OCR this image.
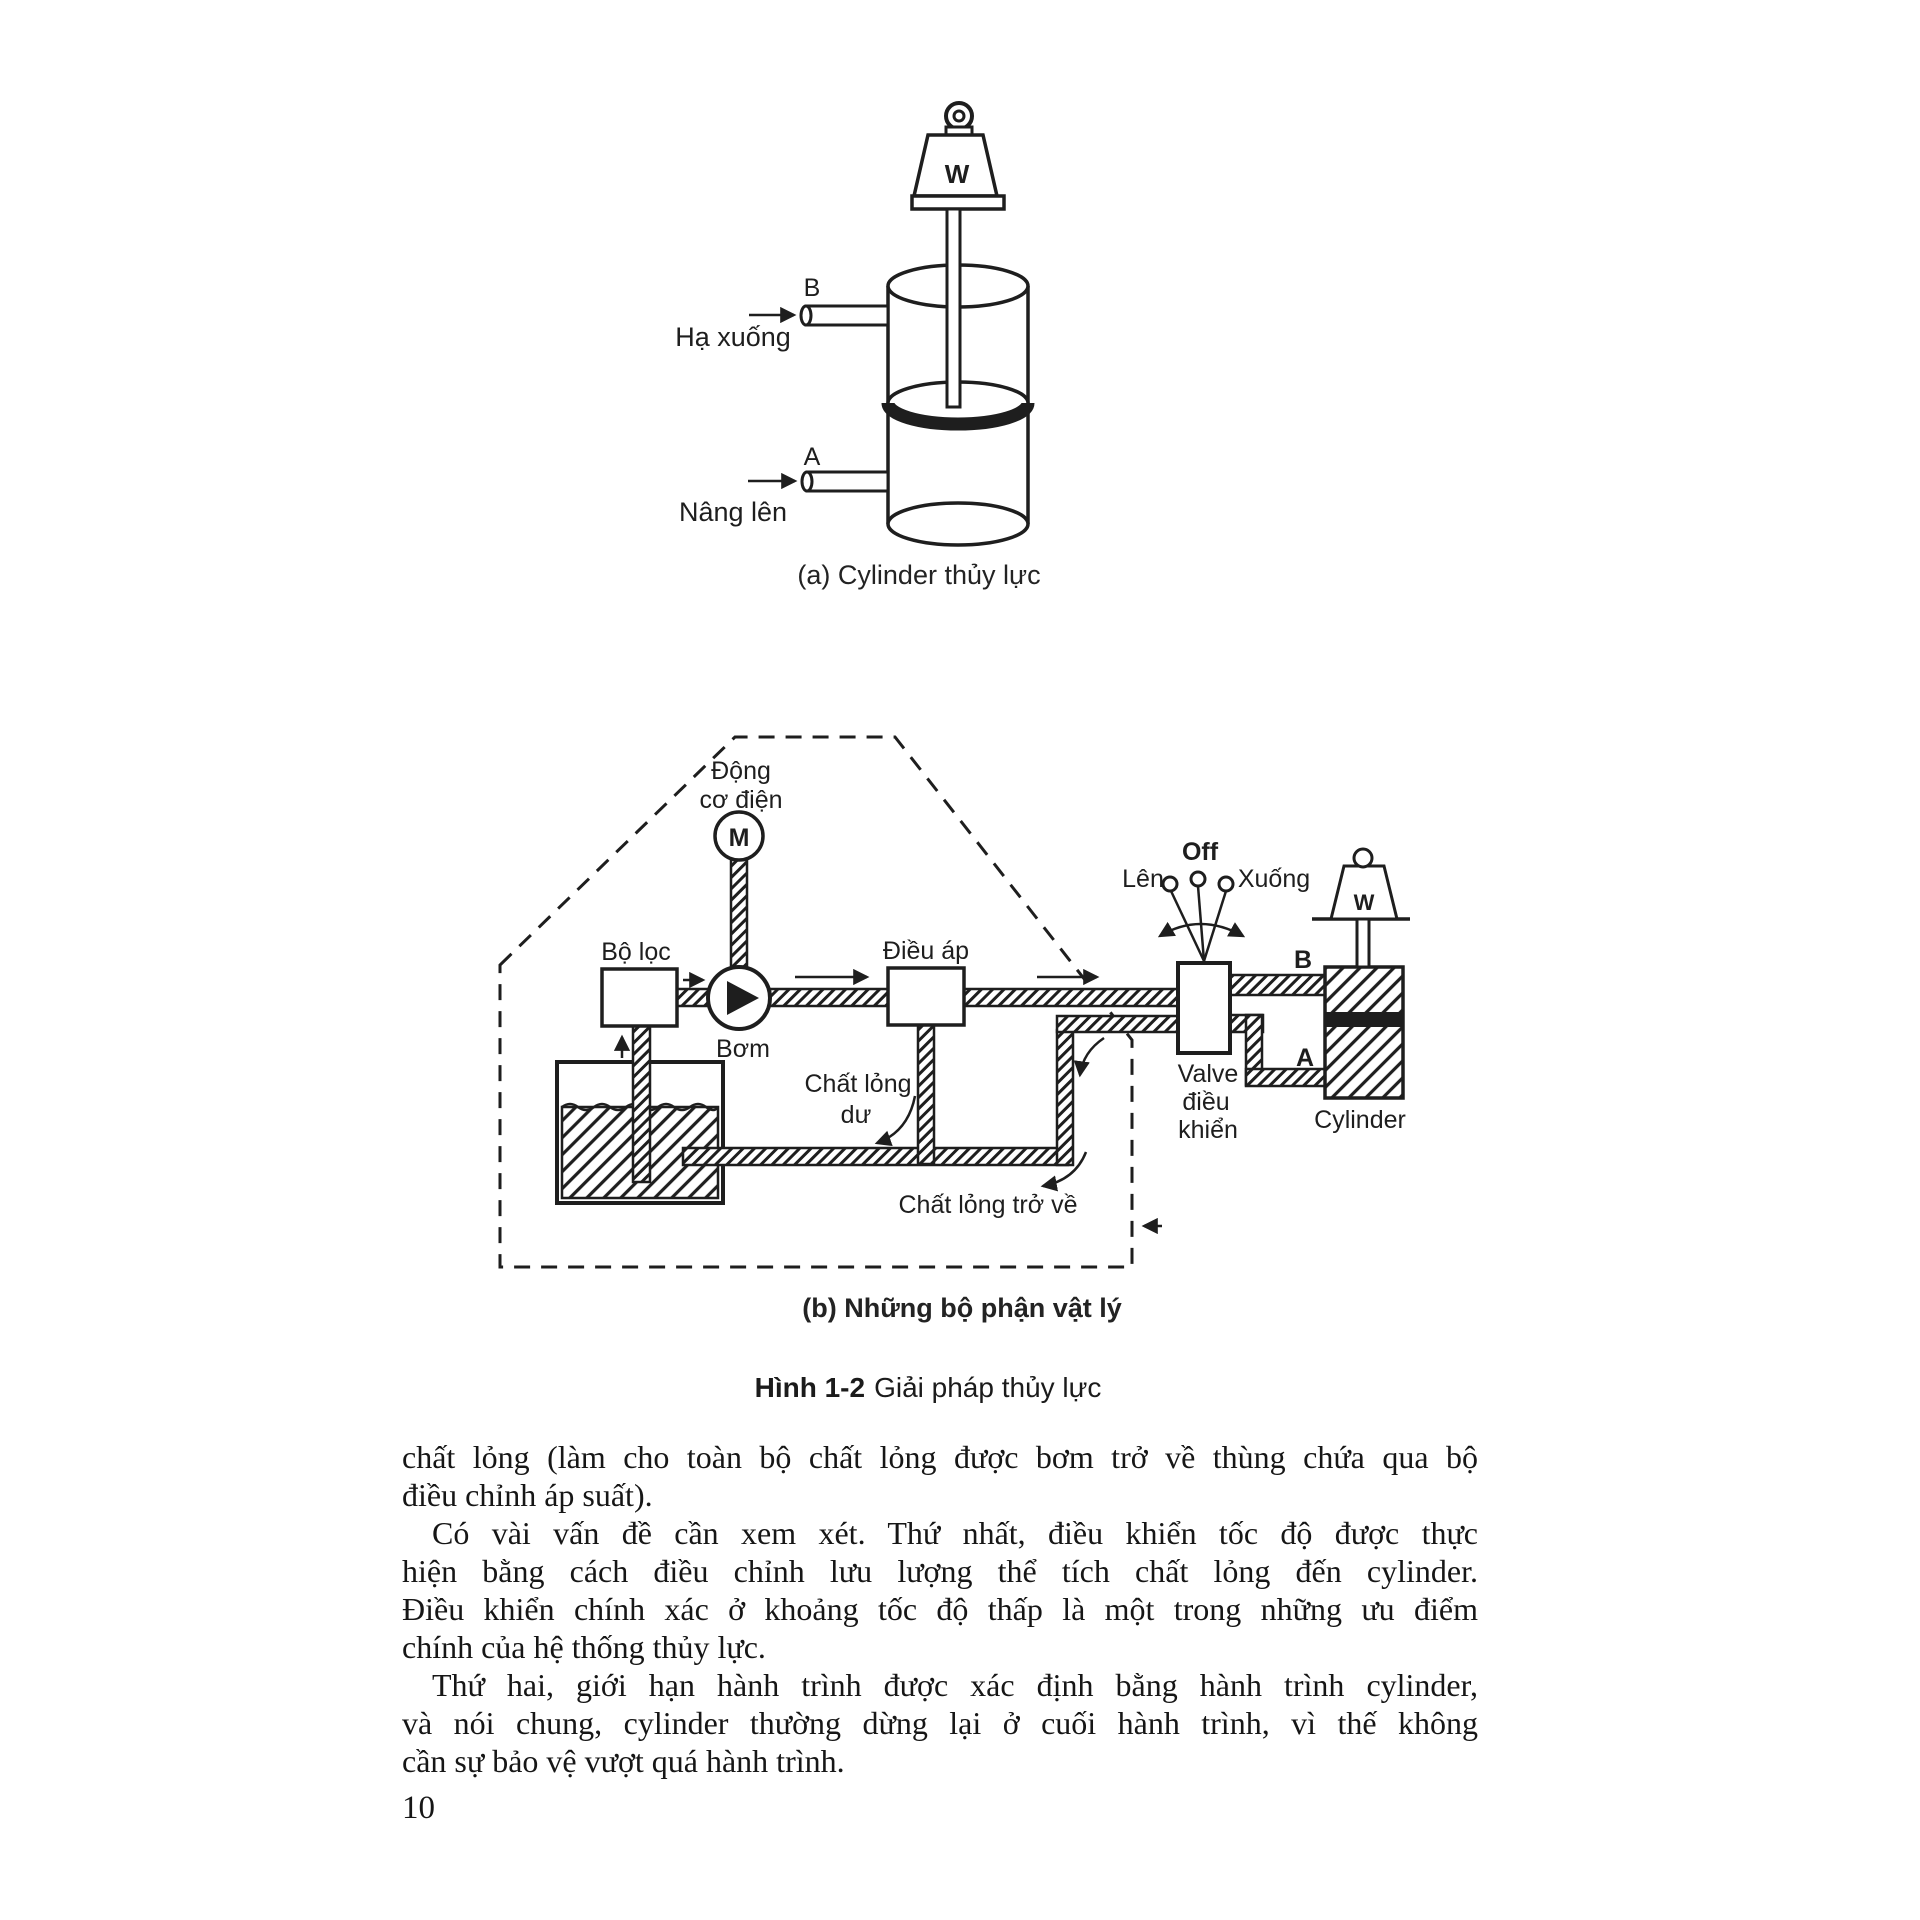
W
B
Hạ xuống
A
Nâng lên
(a) Cylinder thủy lực
M
Động
cơ điện
Bộ lọc
Bơm
Điều áp
Off
Lên	Xuống
Valve
điều
khiển
W
B
A
Cylinder
Chất lỏng
dư
Chất lỏng trở về
(b) Những bộ phận vật lý
Hình 1-2 Giải pháp thủy lực
chất lỏng (làm cho toàn bộ chất lỏng được bơm trở về thùng chứa qua bộ
điều chỉnh áp suất).
Có vài vấn đề cần xem xét. Thứ nhất, điều khiển tốc độ được thực
hiện bằng cách điều chỉnh lưu lượng thể tích chất lỏng đến cylinder.
Điều khiển chính xác ở khoảng tốc độ thấp là một trong những ưu điểm
chính của hệ thống thủy lực.
Thứ hai, giới hạn hành trình được xác định bằng hành trình cylinder,
và nói chung, cylinder thường dừng lại ở cuối hành trình, vì thế không
cần sự bảo vệ vượt quá hành trình.
10
